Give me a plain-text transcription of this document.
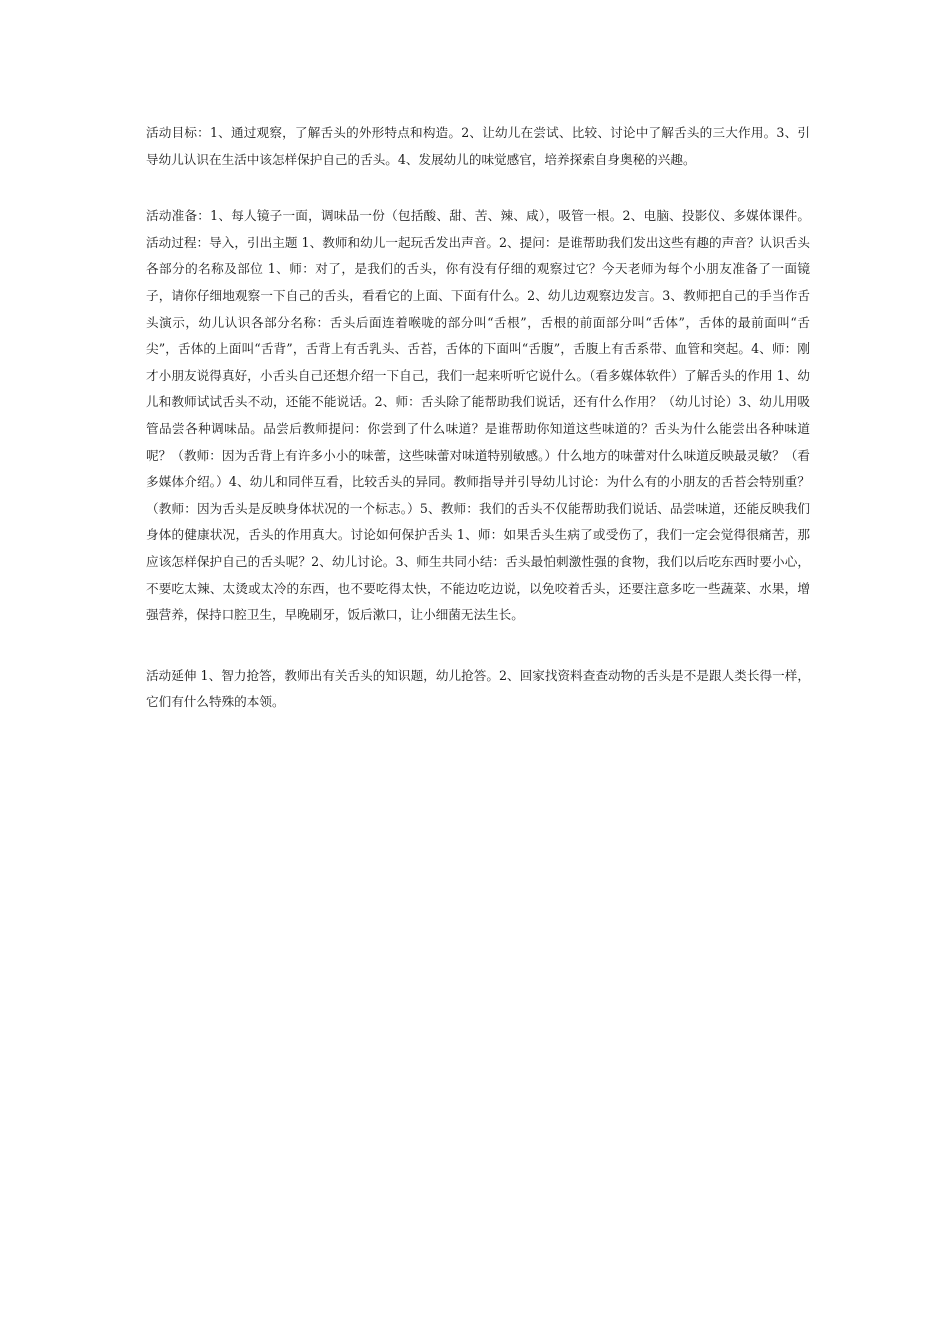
活动目标：1、通过观察，了解舌头的外形特点和构造。2、让幼儿在尝试、比较、讨论中了解舌头的三大作用。3、引导幼儿认识在生活中该怎样保护自己的舌头。4、发展幼儿的味觉感官，培养探索自身奥秘的兴趣。

活动准备：1、每人镜子一面，调味品一份（包括酸、甜、苦、辣、咸），吸管一根。2、电脑、投影仪、多媒体课件。活动过程：导入，引出主题 1、教师和幼儿一起玩舌发出声音。2、提问：是谁帮助我们发出这些有趣的声音？认识舌头各部分的名称及部位 1、师：对了，是我们的舌头，你有没有仔细的观察过它？今天老师为每个小朋友准备了一面镜子，请你仔细地观察一下自己的舌头，看看它的上面、下面有什么。2、幼儿边观察边发言。3、教师把自己的手当作舌头演示，幼儿认识各部分名称：舌头后面连着喉咙的部分叫“舌根”，舌根的前面部分叫“舌体”，舌体的最前面叫“舌尖”，舌体的上面叫“舌背”，舌背上有舌乳头、舌苔，舌体的下面叫“舌腹”，舌腹上有舌系带、血管和突起。4、师：刚才小朋友说得真好，小舌头自己还想介绍一下自己，我们一起来听听它说什么。（看多媒体软件）了解舌头的作用 1、幼儿和教师试试舌头不动，还能不能说话。2、师：舌头除了能帮助我们说话，还有什么作用？（幼儿讨论）3、幼儿用吸管品尝各种调味品。品尝后教师提问：你尝到了什么味道？是谁帮助你知道这些味道的？舌头为什么能尝出各种味道呢？（教师：因为舌背上有许多小小的味蕾，这些味蕾对味道特别敏感。）什么地方的味蕾对什么味道反映最灵敏？（看多媒体介绍。）4、幼儿和同伴互看，比较舌头的异同。教师指导并引导幼儿讨论：为什么有的小朋友的舌苔会特别重？（教师：因为舌头是反映身体状况的一个标志。）5、教师：我们的舌头不仅能帮助我们说话、品尝味道，还能反映我们身体的健康状况，舌头的作用真大。讨论如何保护舌头 1、师：如果舌头生病了或受伤了，我们一定会觉得很痛苦，那应该怎样保护自己的舌头呢？2、幼儿讨论。3、师生共同小结：舌头最怕刺激性强的食物，我们以后吃东西时要小心，不要吃太辣、太烫或太冷的东西，也不要吃得太快，不能边吃边说，以免咬着舌头，还要注意多吃一些蔬菜、水果，增强营养，保持口腔卫生，早晚刷牙，饭后漱口，让小细菌无法生长。

活动延伸 1、智力抢答，教师出有关舌头的知识题，幼儿抢答。2、回家找资料查查动物的舌头是不是跟人类长得一样，它们有什么特殊的本领。
